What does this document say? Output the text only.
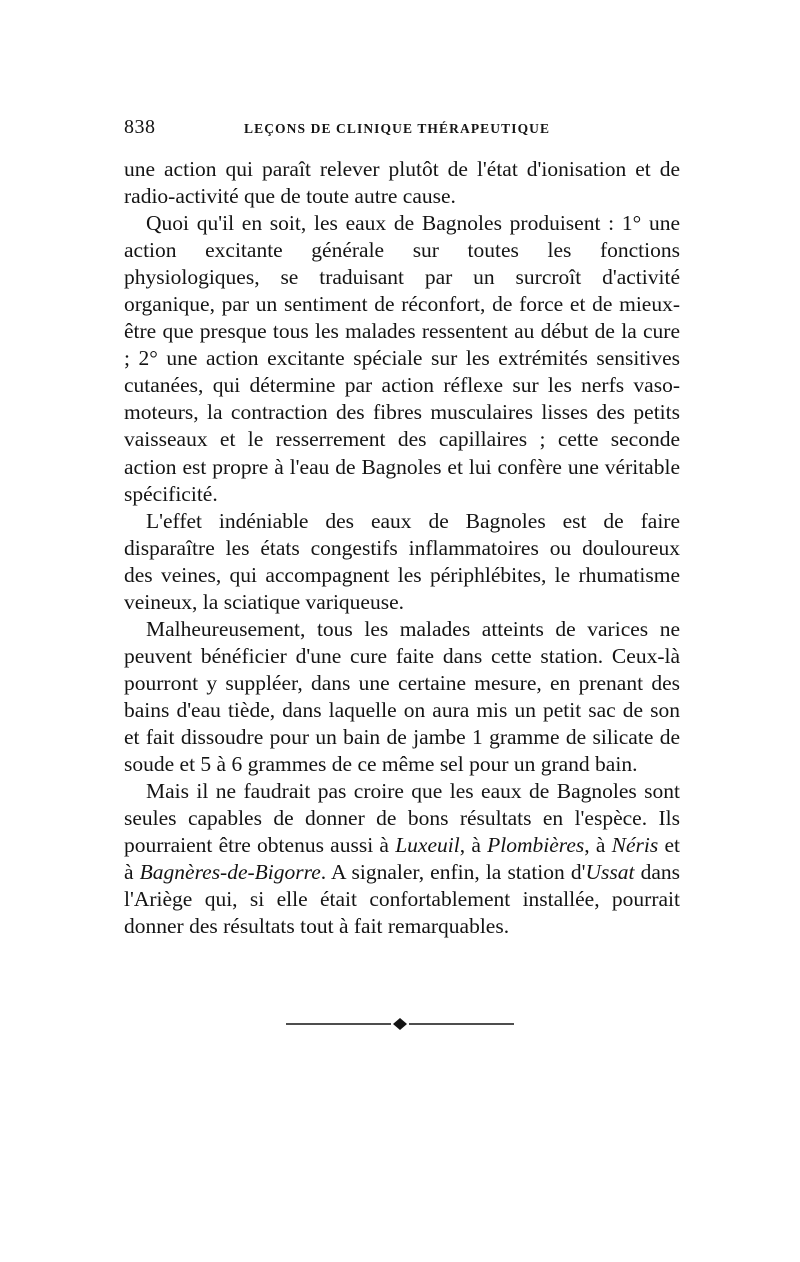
838	LEÇONS DE CLINIQUE THÉRAPEUTIQUE

une action qui paraît relever plutôt de l'état d'ionisation et de radio-activité que de toute autre cause.

Quoi qu'il en soit, les eaux de Bagnoles produisent : 1° une action excitante générale sur toutes les fonctions physiologiques, se traduisant par un surcroît d'activité organique, par un sentiment de réconfort, de force et de mieux-être que presque tous les malades ressentent au début de la cure ; 2° une action excitante spéciale sur les extrémités sensitives cutanées, qui détermine par action réflexe sur les nerfs vaso-moteurs, la contraction des fibres musculaires lisses des petits vaisseaux et le resserrement des capillaires ; cette seconde action est propre à l'eau de Bagnoles et lui confère une véritable spécificité.

L'effet indéniable des eaux de Bagnoles est de faire disparaître les états congestifs inflammatoires ou douloureux des veines, qui accompagnent les périphlébites, le rhumatisme veineux, la sciatique variqueuse.

Malheureusement, tous les malades atteints de varices ne peuvent bénéficier d'une cure faite dans cette station. Ceux-là pourront y suppléer, dans une certaine mesure, en prenant des bains d'eau tiède, dans laquelle on aura mis un petit sac de son et fait dissoudre pour un bain de jambe 1 gramme de silicate de soude et 5 à 6 grammes de ce même sel pour un grand bain.

Mais il ne faudrait pas croire que les eaux de Bagnoles sont seules capables de donner de bons résultats en l'espèce. Ils pourraient être obtenus aussi à Luxeuil, à Plombières, à Néris et à Bagnères-de-Bigorre. A signaler, enfin, la station d'Ussat dans l'Ariège qui, si elle était confortablement installée, pourrait donner des résultats tout à fait remarquables.
